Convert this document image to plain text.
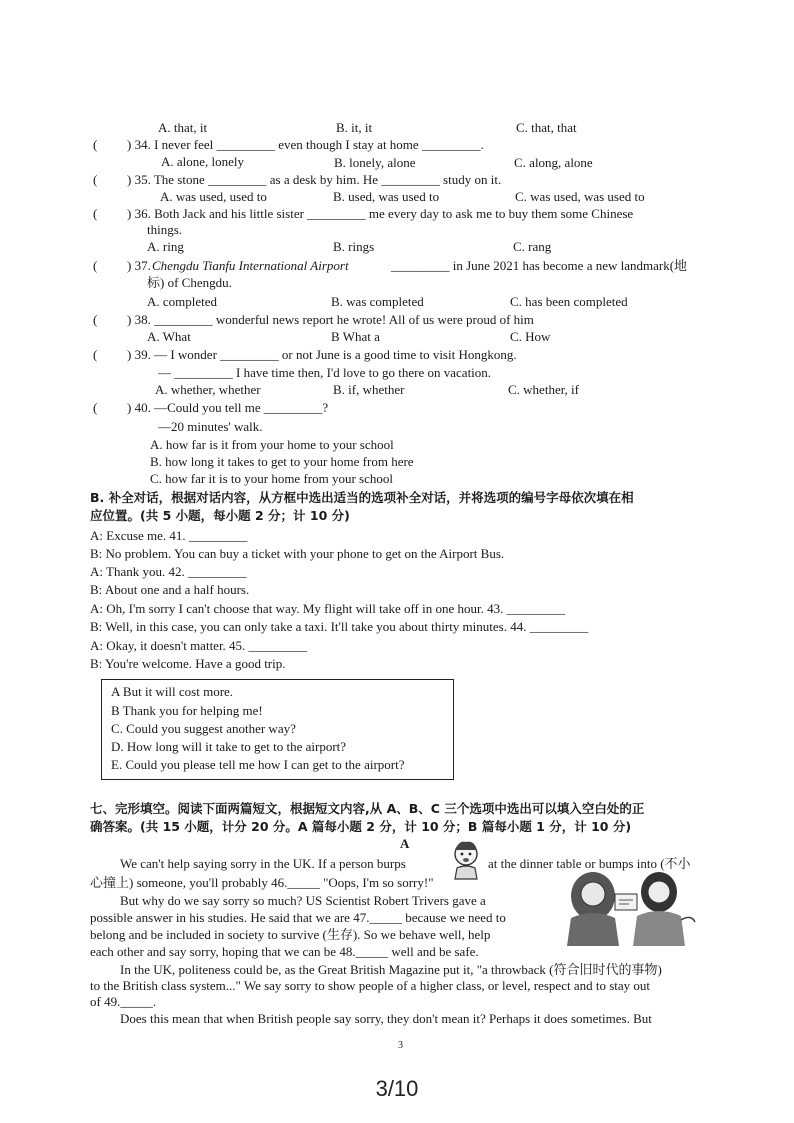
A. that, it	B. it, it	C. that, that
( ) 34. I never feel _________ even though I stay at home _________.
A. alone, lonely	B. lonely, alone	C. along, alone
( ) 35. The stone _________ as a desk by him. He _________ study on it.
A. was used, used to	B. used, was used to	C. was used, was used to
( ) 36. Both Jack and his little sister _________ me every day to ask me to buy them some Chinese
things.
A. ring	B. rings	C. rang
( ) 37. Chengdu Tianfu International Airport	_________ in June 2021 has become a new landmark(地
标) of Chengdu.
A. completed	B. was completed	C. has been completed
( ) 38. _________ wonderful news report he wrote! All of us were proud of him
A. What	B What a	C. How
( ) 39. — I wonder _________ or not June is a good time to visit Hongkong.
— _________ I have time then, I'd love to go there on vacation.
A. whether, whether	B. if, whether	C. whether, if
( ) 40. —Could you tell me _________?
—20 minutes' walk.
A. how far is it from your home to your school
B. how long it takes to get to your home from here
C. how far it is to your home from your school
B. 补全对话，根据对话内容，从方框中选出适当的选项补全对话，并将选项的编号字母依次填在相
应位置。(共 5 小题，每小题 2 分；计 10 分)
A: Excuse me. 41. _________
B: No problem. You can buy a ticket with your phone to get on the Airport Bus.
A: Thank you. 42. _________
B: About one and a half hours.
A: Oh, I'm sorry I can't choose that way. My flight will take off in one hour. 43. _________
B: Well, in this case, you can only take a taxi. It'll take you about thirty minutes. 44. _________
A: Okay, it doesn't matter. 45. _________
B: You're welcome. Have a good trip.
A But it will cost more.
B Thank you for helping me!
C. Could you suggest another way?
D. How long will it take to get to the airport?
E. Could you please tell me how I can get to the airport?
七、完形填空。阅读下面两篇短文，根据短文内容,从 A、B、C 三个选项中选出可以填入空白处的正
确答案。(共 15 小题，计分 20 分。A 篇每小题 2 分，计 10 分；B 篇每小题 1 分，计 10 分)
A
We can't help saying sorry in the UK. If a person burps	at the dinner table or bumps into (不小
心撞上) someone, you'll probably 46._____ "Oops, I'm so sorry!"
But why do we say sorry so much? US Scientist Robert Trivers gave a
possible answer in his studies. He said that we are 47._____ because we need to
belong and be included in society to survive (生存). So we behave well, help
each other and say sorry, hoping that we can be 48._____ well and be safe.
In the UK, politeness could be, as the Great British Magazine put it, "a throwback (符合旧时代的事物)
to the British class system..." We say sorry to show people of a higher class, or level, respect and to stay out
of 49._____.
Does this mean that when British people say sorry, they don't mean it? Perhaps it does sometimes. But
3
3/10
